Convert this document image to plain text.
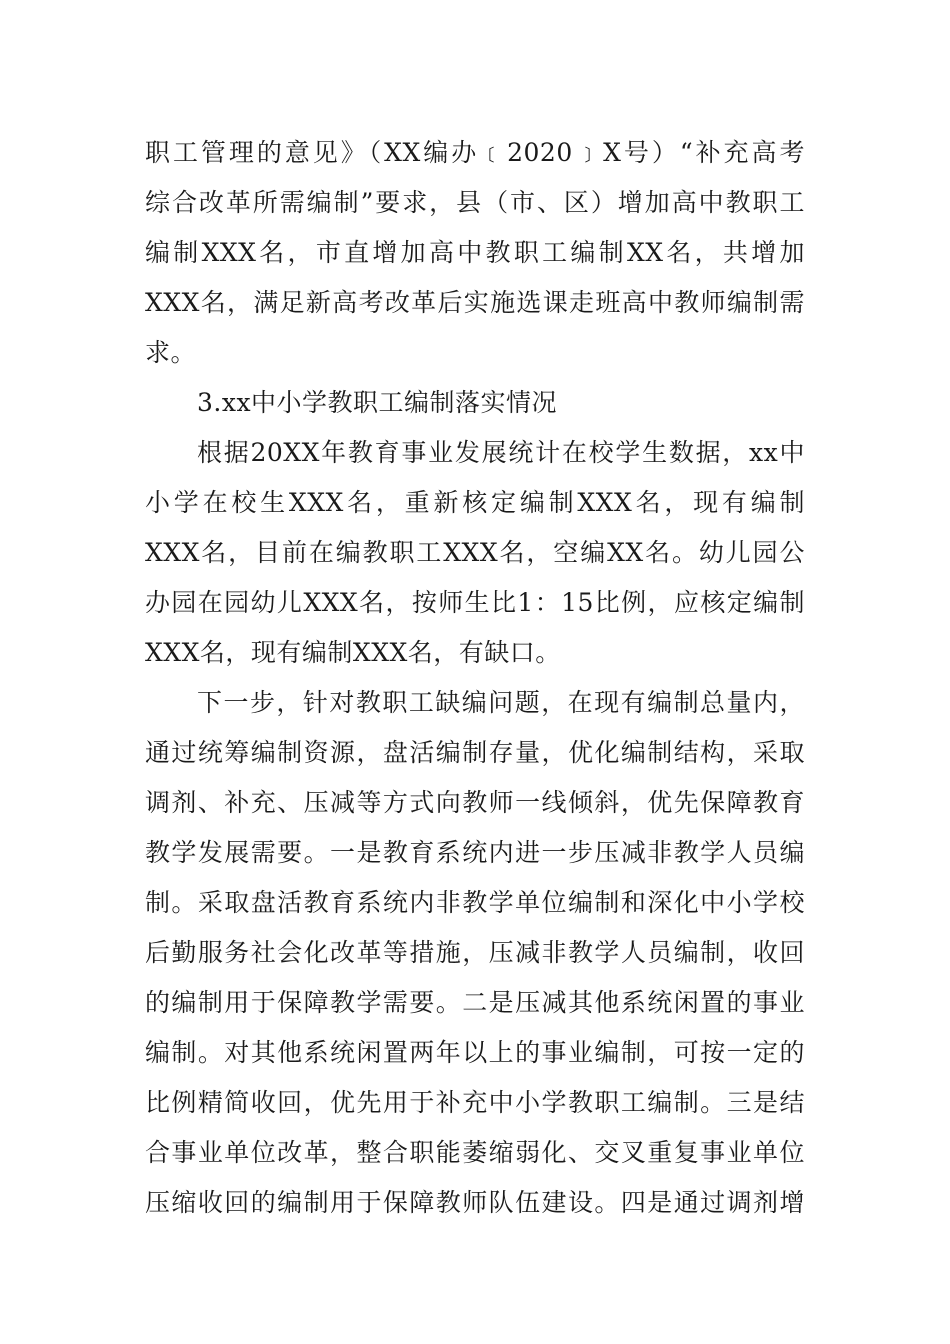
职工管理的意见》（XX编办﹝2020﹞X号）“补充高考
综合改革所需编制”要求，县（市、区）增加高中教职工
编制XXX名，市直增加高中教职工编制XX名，共增加
XXX名，满足新高考改革后实施选课走班高中教师编制需
求。
3.xx中小学教职工编制落实情况
根据20XX年教育事业发展统计在校学生数据，xx中
小学在校生XXX名，重新核定编制XXX名，现有编制
XXX名，目前在编教职工XXX名，空编XX名。幼儿园公
办园在园幼儿XXX名，按师生比1：15比例，应核定编制
XXX名，现有编制XXX名，有缺口。
下一步，针对教职工缺编问题，在现有编制总量内，
通过统筹编制资源，盘活编制存量，优化编制结构，采取
调剂、补充、压减等方式向教师一线倾斜，优先保障教育
教学发展需要。一是教育系统内进一步压减非教学人员编
制。采取盘活教育系统内非教学单位编制和深化中小学校
后勤服务社会化改革等措施，压减非教学人员编制，收回
的编制用于保障教学需要。二是压减其他系统闲置的事业
编制。对其他系统闲置两年以上的事业编制，可按一定的
比例精简收回，优先用于补充中小学教职工编制。三是结
合事业单位改革，整合职能萎缩弱化、交叉重复事业单位
压缩收回的编制用于保障教师队伍建设。四是通过调剂增
